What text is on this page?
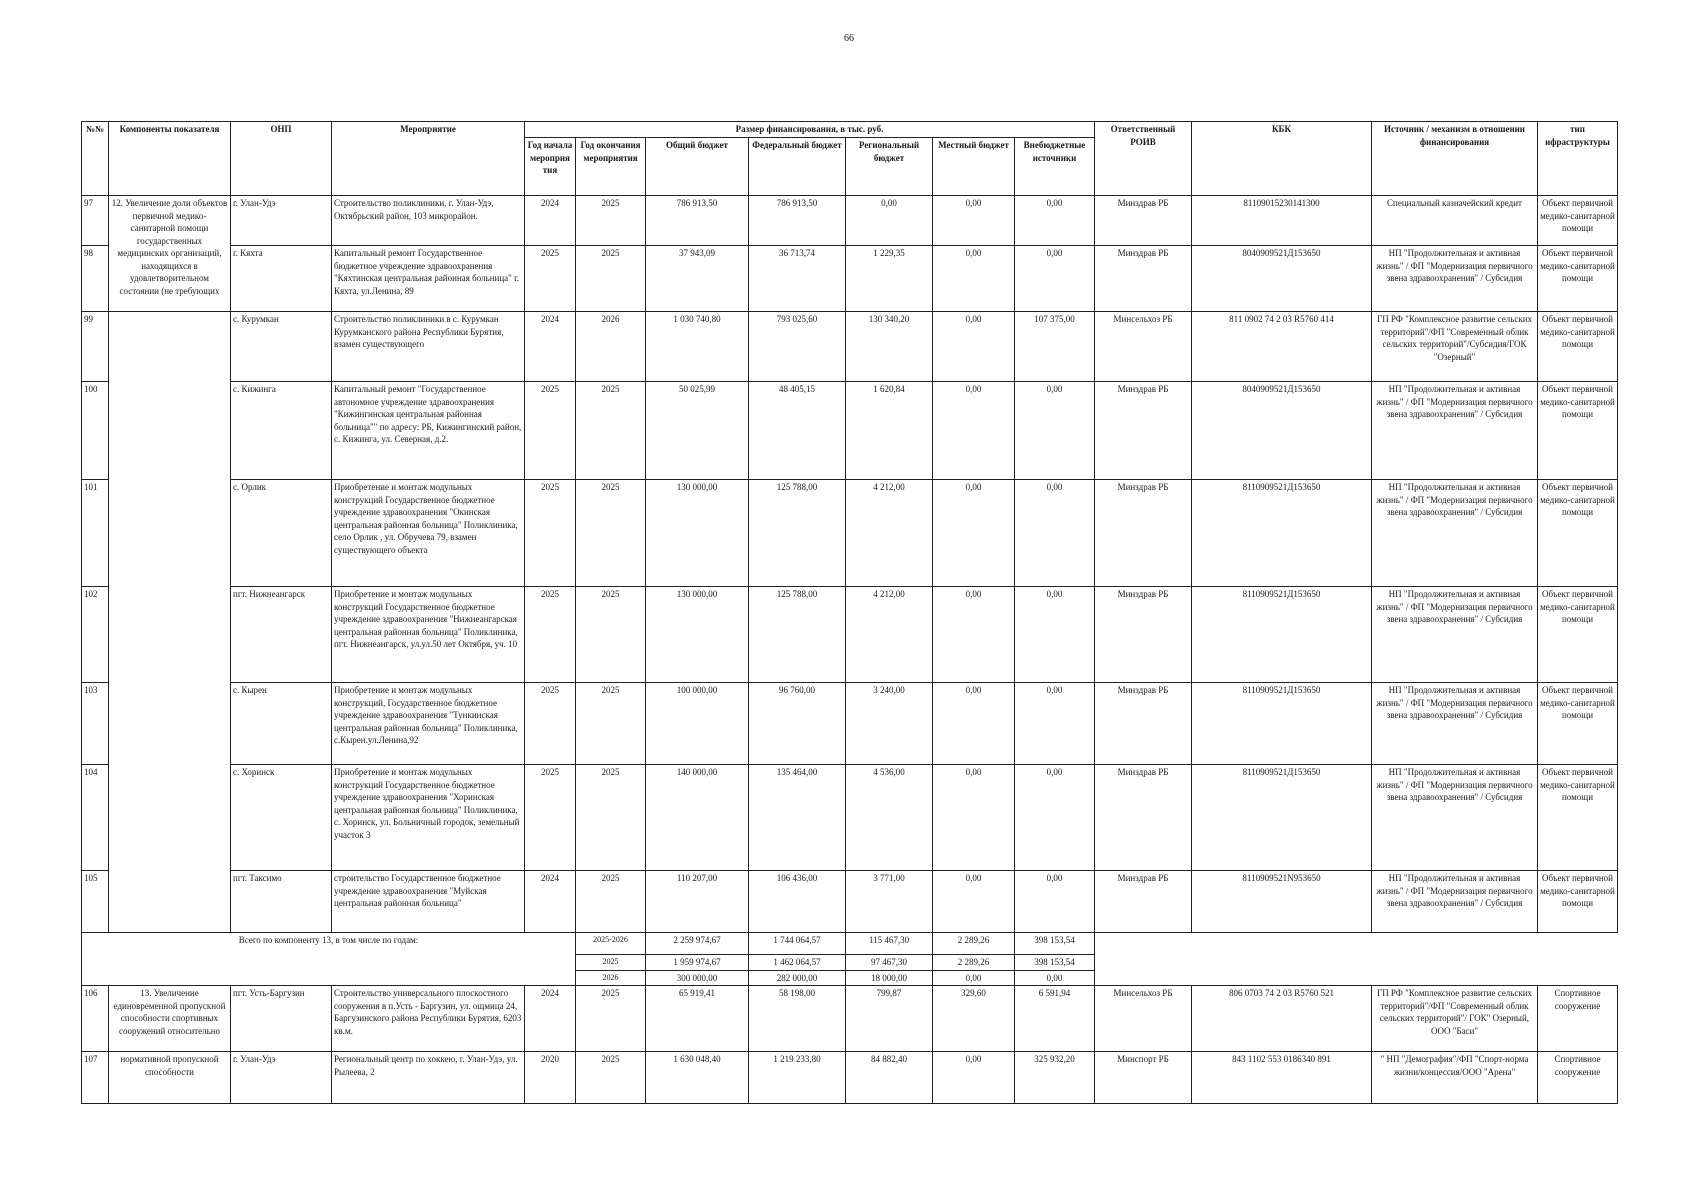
66
№№	Компоненты показателя	ОНП	Мероприятие	Размер финансирования, в тыс. руб.							Ответственный РОИВ	КБК	Источник / механизм в отношении финансирования	тип ифраструктуры
				Год начала мероприя тия	Год окончания мероприятия	Общий бюджет	Федеральный бюджет	Региональный бюджет	Местный бюджет	Внебюджетные источники				
97	12. Увеличение доли объектов первичной медико-санитарной помощи государственных медицинских организаций, находящихся в удовлетворительном состоянии (не требующих	г. Улан-Удэ	Строительство поликлиники, г. Улан-Удэ, Октябрьский район, 103 микрорайон.	2024	2025	786 913,50	786 913,50	0,00	0,00	0,00	Минздрав РБ	81109015230141300	Специальный казначейский кредит	Объект первичной медико-санитарной помощи
98		г. Кяхта	Капитальный ремонт Государственное бюджетное учреждение здравоохранения "Кяхтинская центральная районная больница" г. Кяхта, ул.Ленина, 89	2025	2025	37 943,09	36 713,74	1 229,35	0,00	0,00	Минздрав РБ	8040909521Д153650	НП "Продолжительная и активная жизнь" / ФП "Модернизация первичного звена здравоохранения" / Субсидия	Объект первичной медико-санитарной помощи
99		с. Курумкан	Строительство поликлиники в с. Курумкан Курумканского района Республики Бурятия, взамен существующего	2024	2026	1 030 740,80	793 025,60	130 340,20	0,00	107 375,00	Минсельхоз РБ	811 0902 74 2 03 R5760 414	ГП РФ "Комплексное развитие сельских территорий"/ФП "Современный облик сельских территорий"/Субсидия/ГОК "Озерный"	Объект первичной медико-санитарной помощи
100		с. Кижинга	Капитальный ремонт "Государственное автономное учреждение здравоохранения "Кижингинская центральная районная больница"" по адресу: РБ, Кижингинский район, с. Кижинга, ул. Северная, д.2.	2025	2025	50 025,99	48 405,15	1 620,84	0,00	0,00	Минздрав РБ	8040909521Д153650	НП "Продолжительная и активная жизнь" / ФП "Модернизация первичного звена здравоохранения" / Субсидия	Объект первичной медико-санитарной помощи
101		с. Орлик	Приобретение и монтаж модульных конструкций Государственное бюджетное учреждение здравоохранения "Окинская центральная районная больница" Поликлиника, село Орлик , ул. Обручева 79, взамен существующего объекта	2025	2025	130 000,00	125 788,00	4 212,00	0,00	0,00	Минздрав РБ	8110909521Д153650	НП "Продолжительная и активная жизнь" / ФП "Модернизация первичного звена здравоохранения" / Субсидия	Объект первичной медико-санитарной помощи
102		пгт. Нижнеангарск	Приобретение и монтаж модульных конструкций Государственное бюджетное учреждение здравоохранения "Нижнеангарская центральная районная больница" Поликлиника, пгт. Нижнеангарск, ул.ул.50 лет Октября, уч. 10	2025	2025	130 000,00	125 788,00	4 212,00	0,00	0,00	Минздрав РБ	8110909521Д153650	НП "Продолжительная и активная жизнь" / ФП "Модернизация первичного звена здравоохранения" / Субсидия	Объект первичной медико-санитарной помощи
103		с. Кырен	Приобретение и монтаж модульных конструкций, Государственное бюджетное учреждение здравоохранения "Тункинская центральная районная больница" Поликлиника, с.Кырен.ул.Ленина,92	2025	2025	100 000,00	96 760,00	3 240,00	0,00	0,00	Минздрав РБ	8110909521Д153650	НП "Продолжительная и активная жизнь" / ФП "Модернизация первичного звена здравоохранения" / Субсидия	Объект первичной медико-санитарной помощи
104		с. Хоринск	Приобретение и монтаж модульных конструкций Государственное бюджетное учреждение здравоохранения "Хоринская центральная районная больница" Поликлиника, с. Хоринск, ул. Больничный городок, земельный участок 3	2025	2025	140 000,00	135 464,00	4 536,00	0,00	0,00	Минздрав РБ	8110909521Д153650	НП "Продолжительная и активная жизнь" / ФП "Модернизация первичного звена здравоохранения" / Субсидия	Объект первичной медико-санитарной помощи
105		пгт. Таксимо	строительство Государственное бюджетное учреждение здравоохранения "Муйская центральная районная больница"	2024	2025	110 207,00	106 436,00	3 771,00	0,00	0,00	Минздрав РБ	8110909521N953650	НП "Продолжительная и активная жизнь" / ФП "Модернизация первичного звена здравоохранения" / Субсидия	Объект первичной медико-санитарной помощи
Всего по компоненту 13, в том числе по годам:					2025-2026	2 259 974,67	1 744 064,57	115 467,30	2 289,26	398 153,54				
					2025	1 959 974,67	1 462 064,57	97 467,30	2 289,26	398 153,54				
					2026	300 000,00	282 000,00	18 000,00	0,00	0,00				
106	13. Увеличение единовременной пропускной способности спортивных сооружений относительно	пгт. Усть-Баргузин	Строительство универсального плоскостного сооружения в п.Усть - Баргузин, ул. ощмица 24, Баргузинского района Республики Бурятия, 6203 кв.м.	2024	2025	65 919,41	58 198,00	799,87	329,60	6 591,94	Минсельхоз РБ	806 0703 74 2 03 R5760 521	ГП РФ "Комплексное развитие сельских территорий"/ФП "Современный облик сельских территорий"/ ГОК" Озерный, ООО "Баси"	Спортивное сооружение
107	нормативной пропускной способности	г. Улан-Удэ	Региональный центр по хоккею, г. Улан-Удэ, ул. Рылеева, 2	2020	2025	1 630 048,40	1 219 233,80	84 882,40	0,00	325 932,20	Минспорт РБ	843 1102 553 0186340 891	" НП "Демография"/ФП "Спорт-норма жизни/концессия/ООО "Арена"	Спортивное сооружение
